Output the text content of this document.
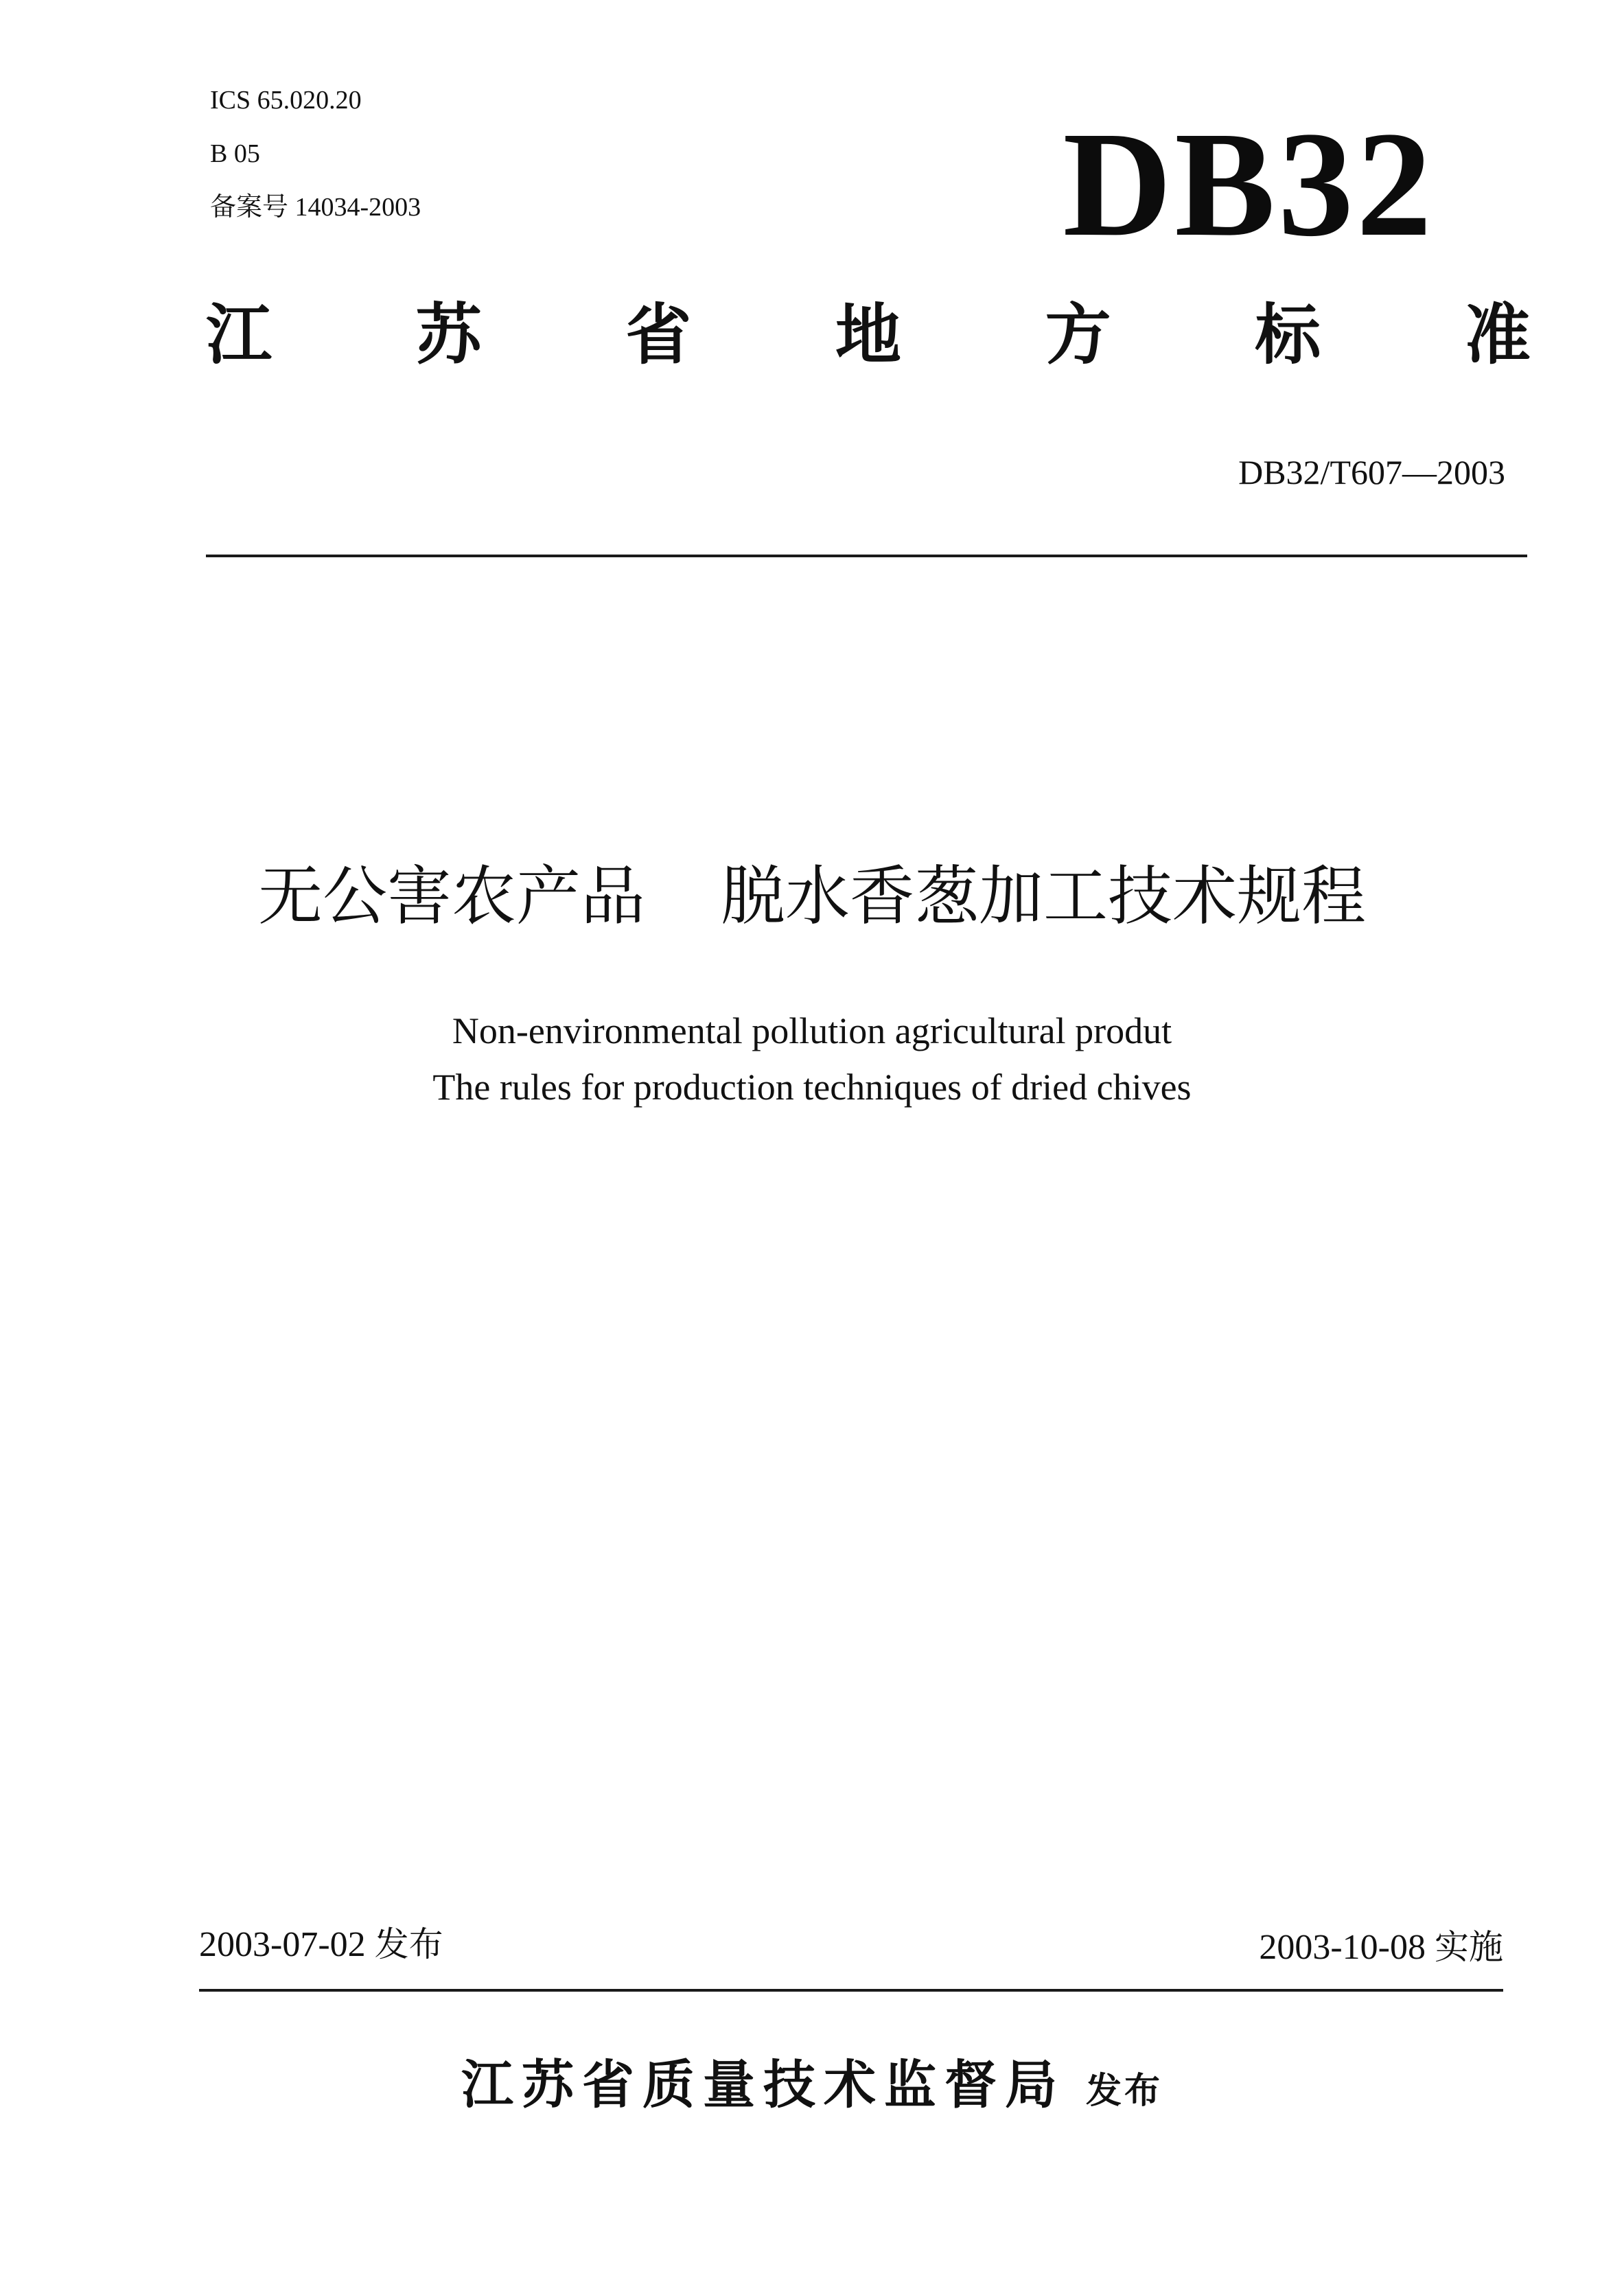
ICS 65.020.20
B 05
备案号 14034-2003	DB32
江 苏 省 地 方 标 准
DB32/T607—2003
无公害农产品 脱水香葱加工技术规程
Non-environmental pollution agricultural produt
The rules for production techniques of dried chives
2003-07-02 发布	2003-10-08 实施
江苏省质量技术监督局 发布
